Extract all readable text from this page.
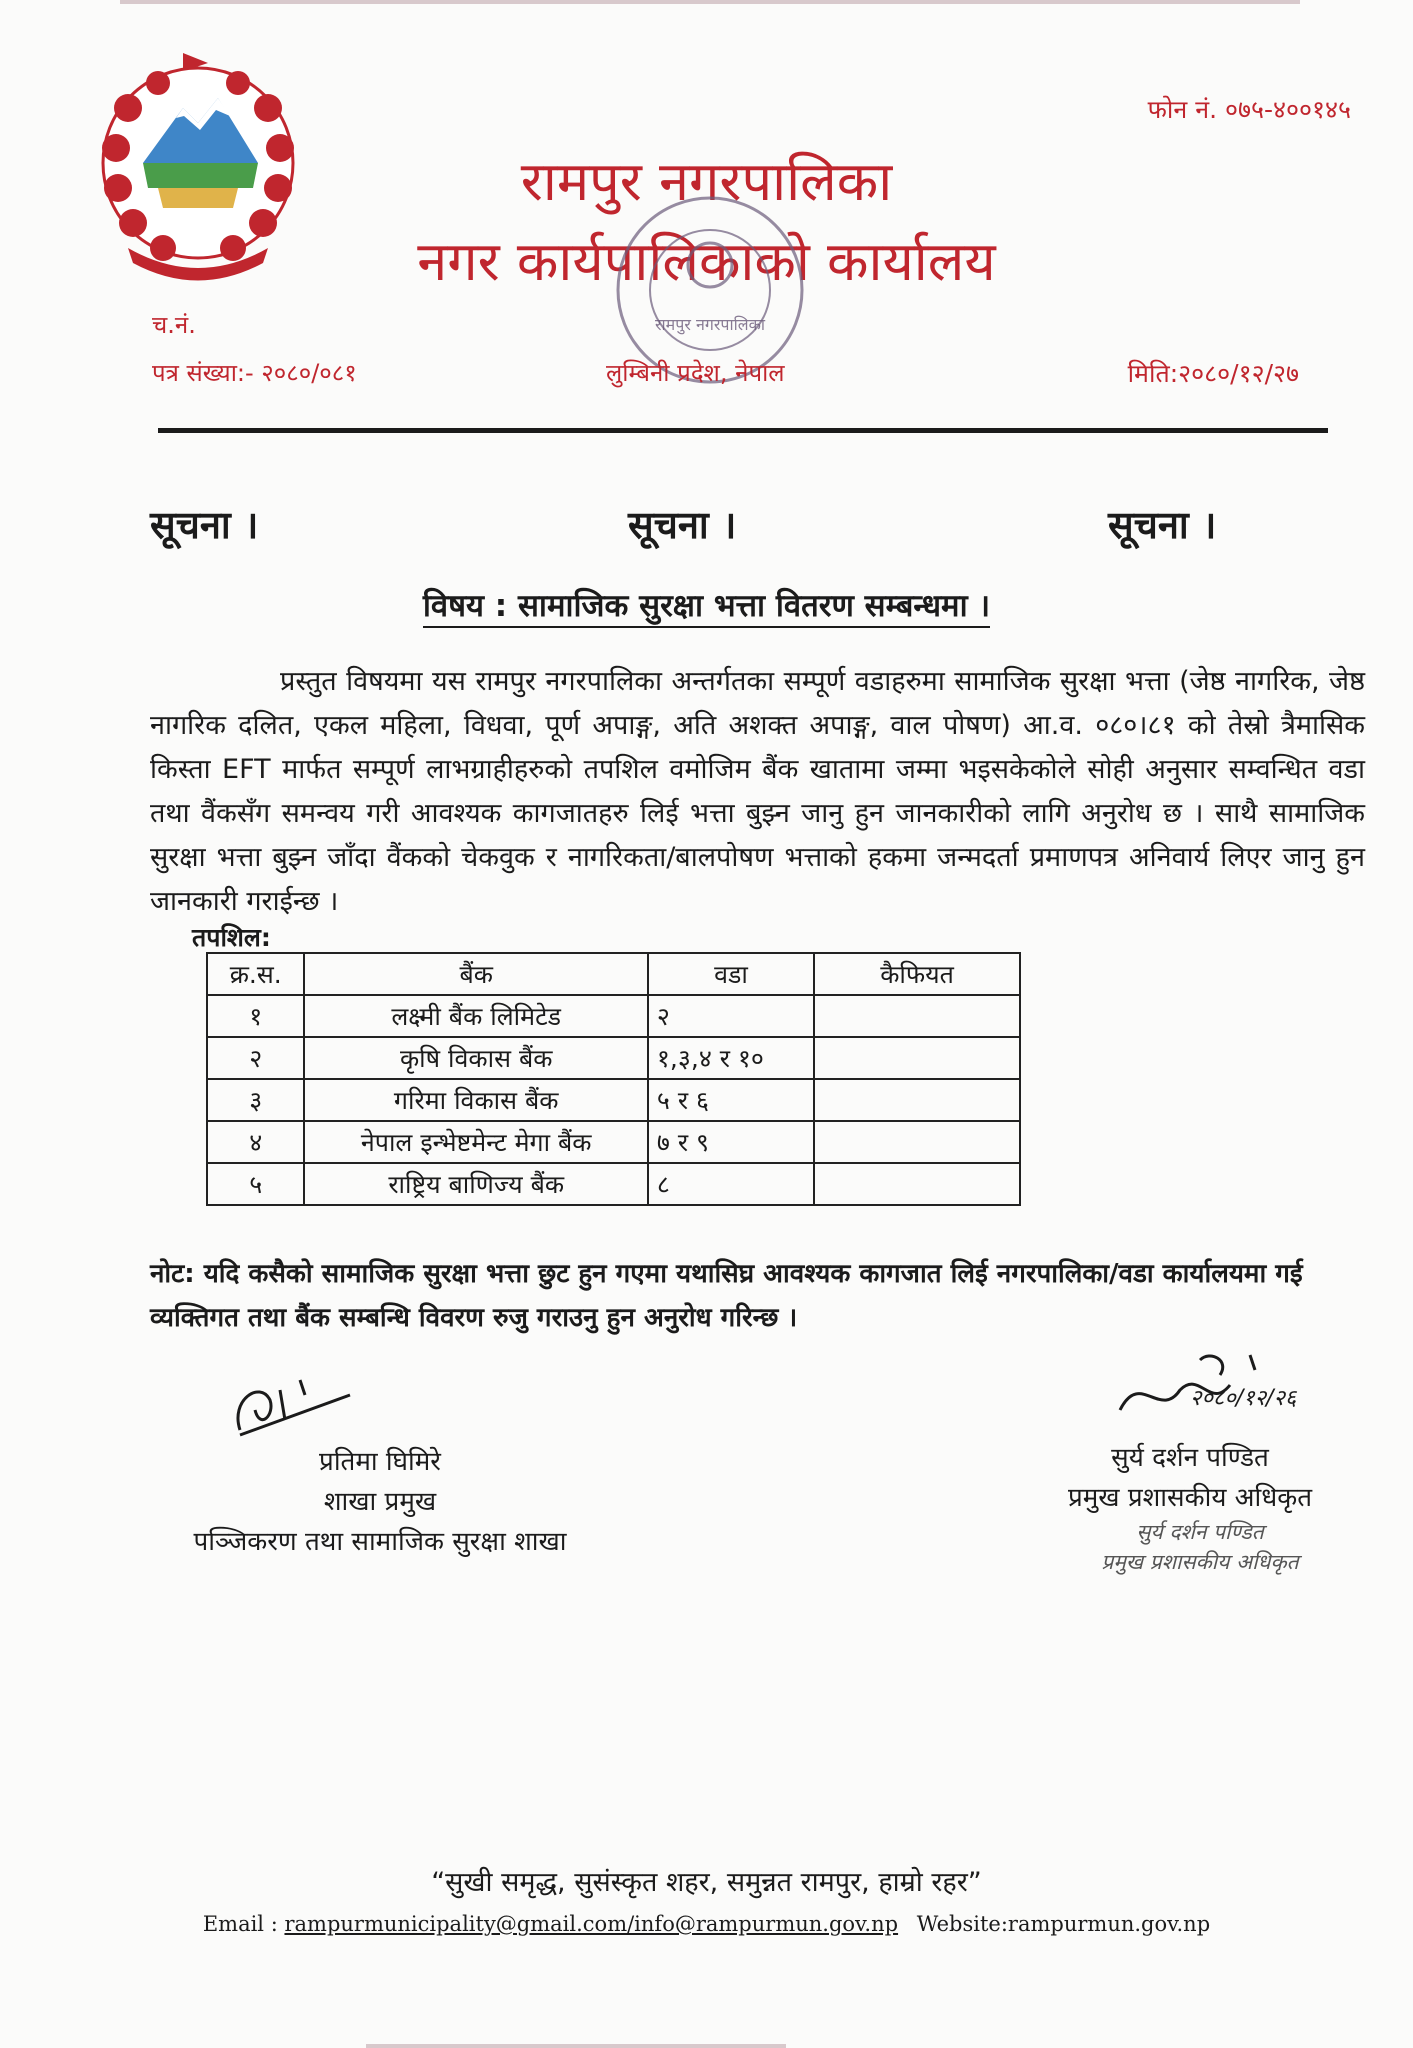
फोन नं. ०७५-४००१४५
रामपुर नगरपालिका
नगर कार्यपालिकाको कार्यालय
रामपुर नगरपालिका
च.नं.
पत्र संख्या:- २०८०/०८१	लुम्बिनी प्रदेश, नेपाल	मिति:२०८०/१२/२७
सूचना ।	सूचना ।	सूचना ।
विषय : सामाजिक सुरक्षा भत्ता वितरण सम्बन्धमा ।
प्रस्तुत विषयमा यस रामपुर नगरपालिका अन्तर्गतका सम्पूर्ण वडाहरुमा सामाजिक सुरक्षा भत्ता (जेष्ठ नागरिक, जेष्ठ नागरिक दलित, एकल महिला, विधवा, पूर्ण अपाङ्ग, अति अशक्त अपाङ्ग, वाल पोषण) आ.व. ०८०।८१ को तेस्रो त्रैमासिक किस्ता EFT मार्फत सम्पूर्ण लाभग्राहीहरुको तपशिल वमोजिम बैंक खातामा जम्मा भइसकेकोले सोही अनुसार सम्वन्धित वडा तथा वैंकसँग समन्वय गरी आवश्यक कागजातहरु लिई भत्ता बुझ्न जानु हुन जानकारीको लागि अनुरोध छ । साथै सामाजिक सुरक्षा भत्ता बुझ्न जाँदा वैंकको चेकवुक र नागरिकता/बालपोषण भत्ताको हकमा जन्मदर्ता प्रमाणपत्र अनिवार्य लिएर जानु हुन जानकारी गराईन्छ ।
तपशिल:
क्र.स.	बैंक	वडा	कैफियत
१	लक्ष्मी बैंक लिमिटेड	२	
२	कृषि विकास बैंक	१,३,४ र १०	
३	गरिमा विकास बैंक	५ र ६	
४	नेपाल इन्भेष्टमेन्ट मेगा बैंक	७ र ९	
५	राष्ट्रिय बाणिज्य बैंक	८	
नोट: यदि कसैको सामाजिक सुरक्षा भत्ता छुट हुन गएमा यथासिघ्र आवश्यक कागजात लिई नगरपालिका/वडा कार्यालयमा गई व्यक्तिगत तथा बैंक सम्बन्धि विवरण रुजु गराउनु हुन अनुरोध गरिन्छ ।
प्रतिमा घिमिरे
शाखा प्रमुख
पञ्जिकरण तथा सामाजिक सुरक्षा शाखा
२०८०/१२/२६
सुर्य दर्शन पण्डित
प्रमुख प्रशासकीय अधिकृत
सुर्य दर्शन पण्डित
प्रमुख प्रशासकीय अधिकृत
“सुखी समृद्ध, सुसंस्कृत शहर, समुन्नत रामपुर, हाम्रो रहर”
Email : rampurmunicipality@gmail.com/info@rampurmun.gov.np Website:rampurmun.gov.np
